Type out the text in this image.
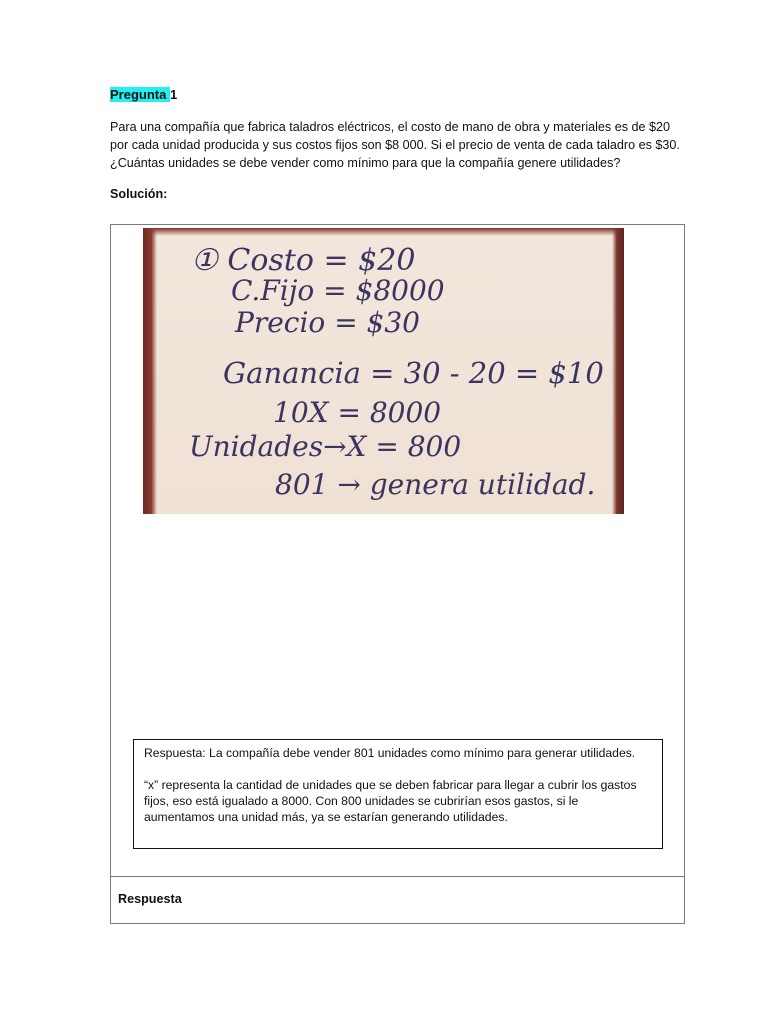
Pregunta 1
Para una compañía que fabrica taladros eléctricos, el costo de mano de obra y materiales es de $20
por cada unidad producida y sus costos fijos son $8 000. Si el precio de venta de cada taladro es $30.
¿Cuántas unidades se debe vender como mínimo para que la compañía genere utilidades?
Solución:
① Costo = $20
C.Fijo = $8000
Precio = $30
Ganancia = 30 - 20 = $10
10X = 8000
Unidades→X = 800
801 → genera utilidad.

Respuesta: La compañía debe vender 801 unidades como mínimo para generar utilidades.

“x” representa la cantidad de unidades que se deben fabricar para llegar a cubrir los gastos fijos, eso está igualado a 8000. Con 800 unidades se cubrirían esos gastos, si le aumentamos una unidad más, ya se estarían generando utilidades.

Respuesta
